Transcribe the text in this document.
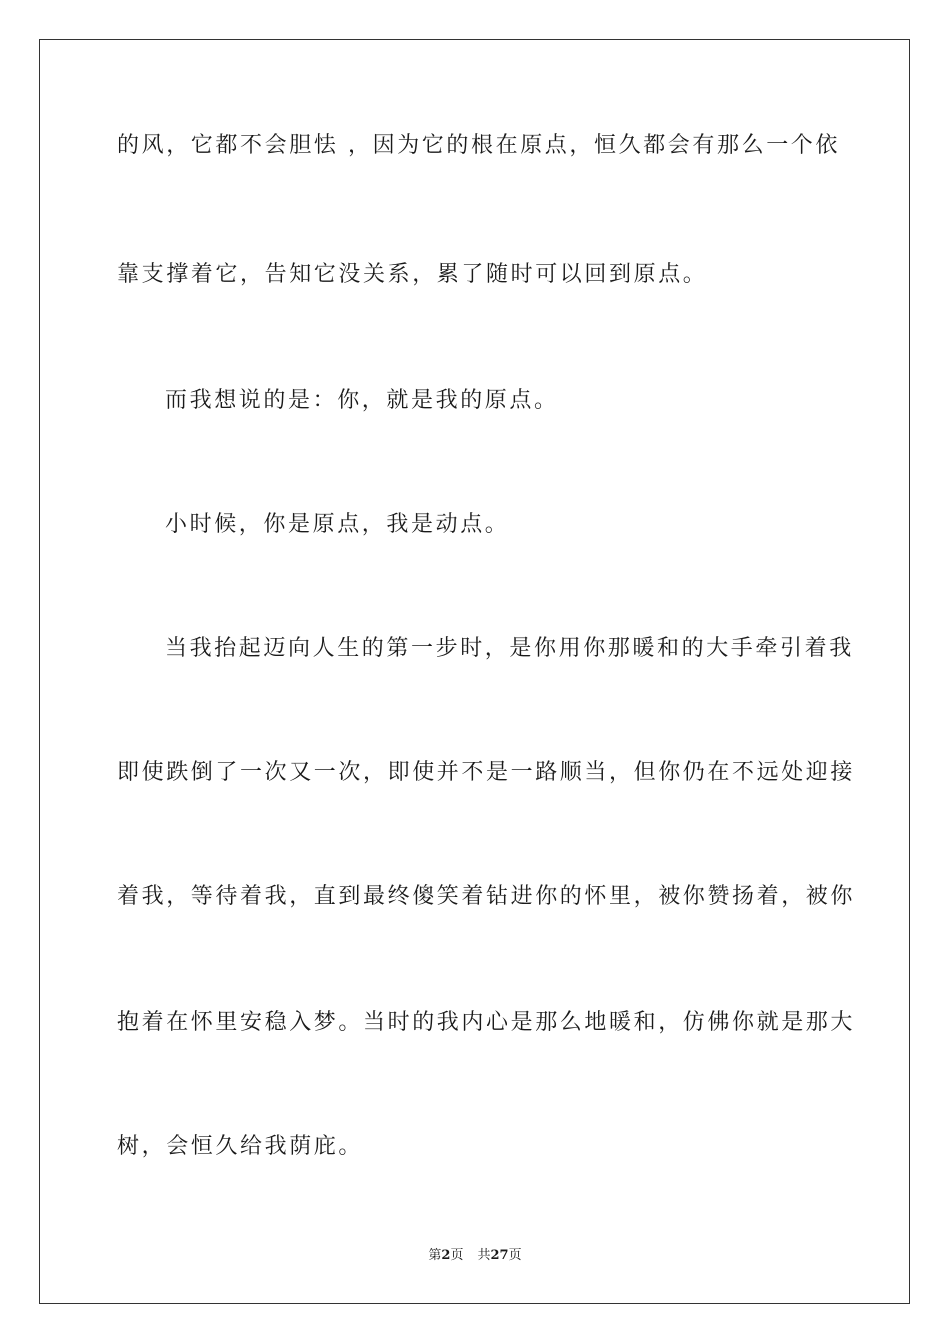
的风，它都不会胆怯 ，因为它的根在原点，恒久都会有那么一个依
靠支撑着它，告知它没关系，累了随时可以回到原点。
而我想说的是：你，就是我的原点。
小时候，你是原点，我是动点。
当我抬起迈向人生的第一步时，是你用你那暖和的大手牵引着我
即使跌倒了一次又一次，即使并不是一路顺当，但你仍在不远处迎接
着我，等待着我，直到最终傻笑着钻进你的怀里，被你赞扬着，被你
抱着在怀里安稳入梦。当时的我内心是那么地暖和，仿佛你就是那大
树，会恒久给我荫庇。
第2页 共27页
